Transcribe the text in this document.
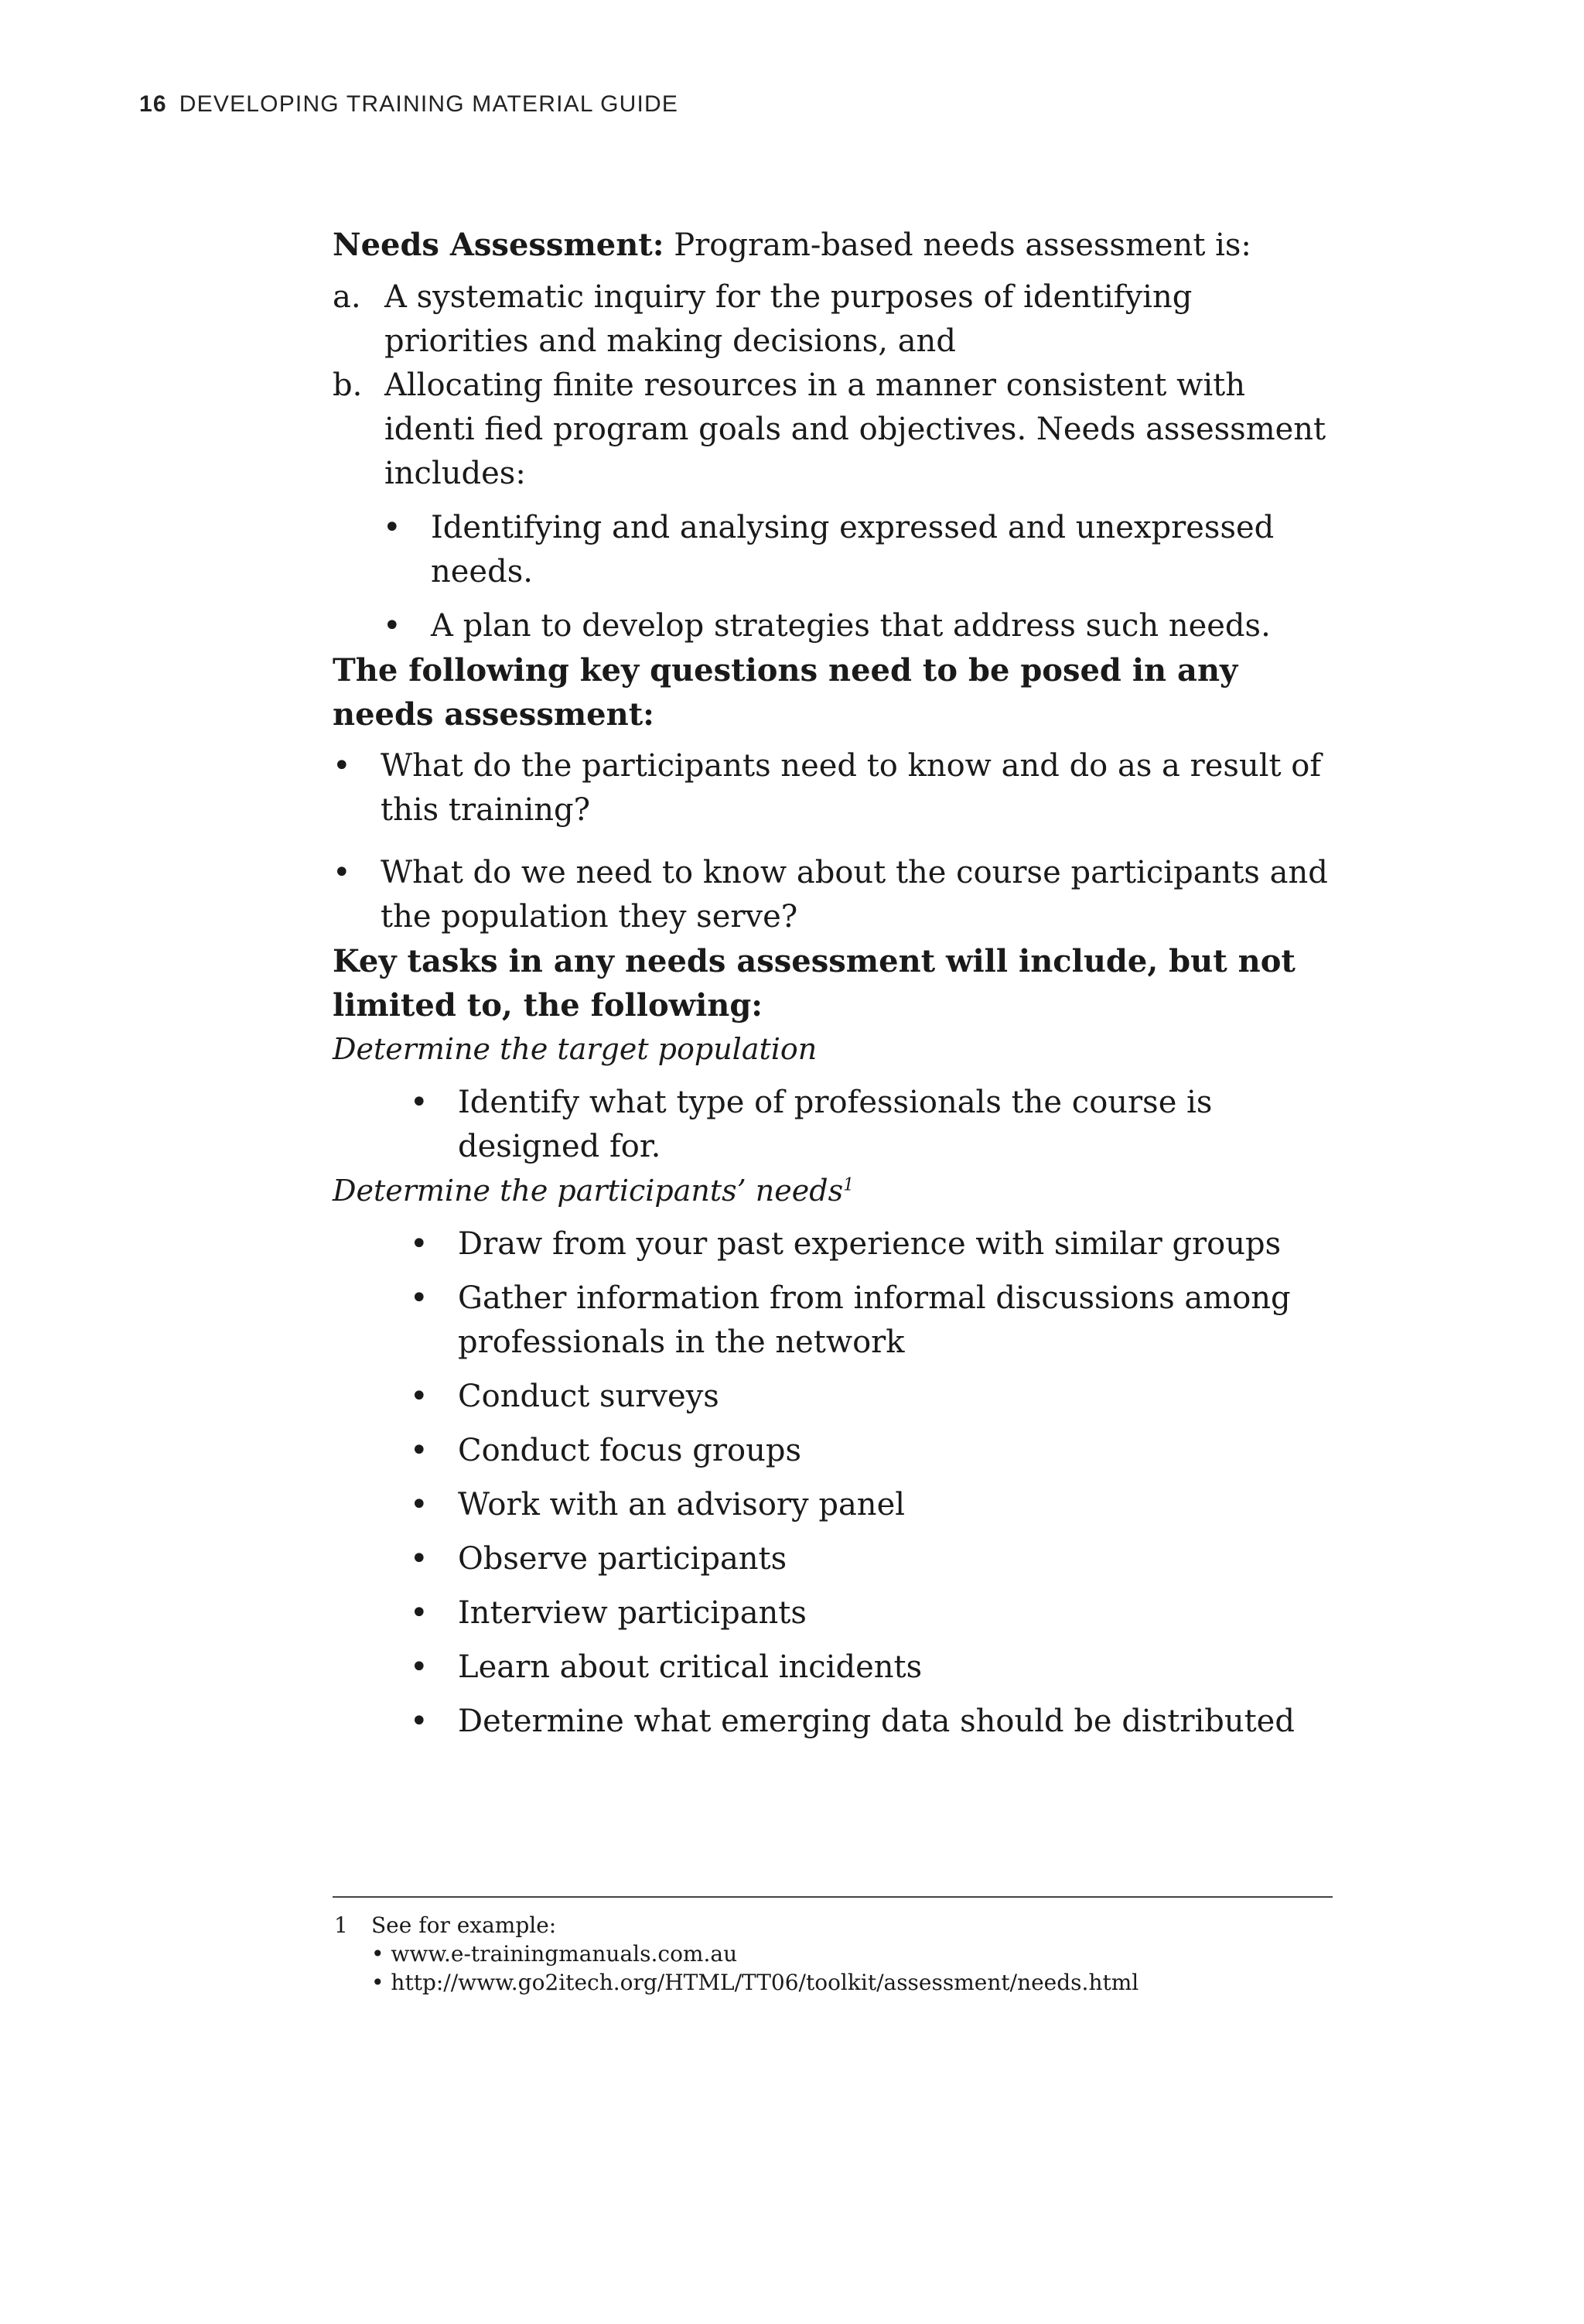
16 DEVELOPING TRAINING MATERIAL GUIDE

Needs Assessment: Program-based needs assessment is:

a. A systematic inquiry for the purposes of identifying priorities and making decisions, and
b. Allocating finite resources in a manner consistent with identi fied program goals and objectives. Needs assessment includes:
• Identifying and analysing expressed and unexpressed needs.
• A plan to develop strategies that address such needs.

The following key questions need to be posed in any needs assessment:

• What do the participants need to know and do as a result of this training?
• What do we need to know about the course participants and the population they serve?

Key tasks in any needs assessment will include, but not limited to, the following:

Determine the target population

• Identify what type of professionals the course is designed for.

Determine the participants’ needs$^1$

• Draw from your past experience with similar groups
• Gather information from informal discussions among professionals in the network
• Conduct surveys
• Conduct focus groups
• Work with an advisory panel
• Observe participants
• Interview participants
• Learn about critical incidents
• Determine what emerging data should be distributed
1 See for example:
• www.e-trainingmanuals.com.au
• http://www.go2itech.org/HTML/TT06/toolkit/assessment/needs.html
